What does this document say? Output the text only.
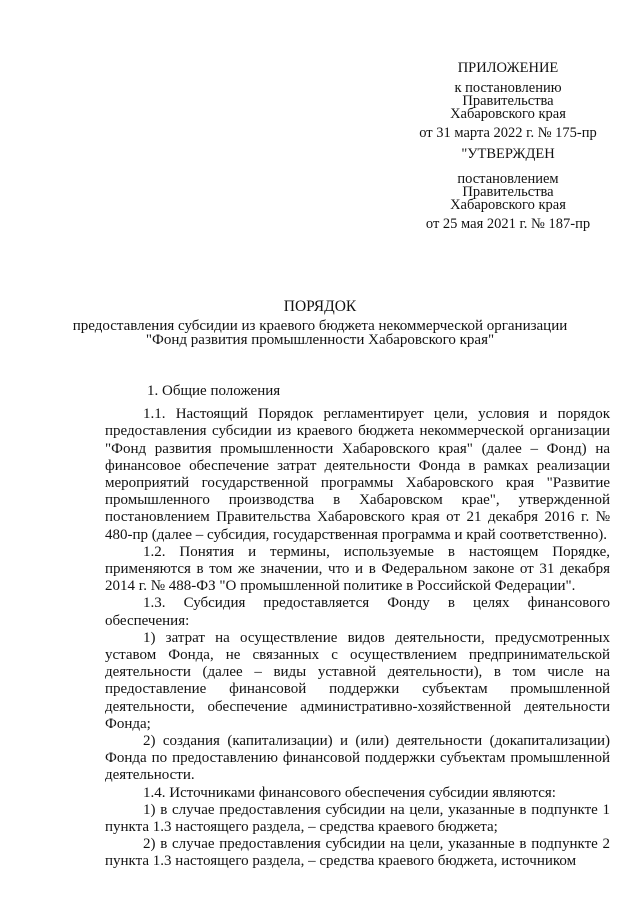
ПРИЛОЖЕНИЕ
к постановлению
Правительства
Хабаровского края
от 31 марта 2022 г. № 175-пр
"УТВЕРЖДЕН
постановлением
Правительства
Хабаровского края
от 25 мая 2021 г. № 187-пр
ПОРЯДОК
предоставления субсидии из краевого бюджета некоммерческой организации
"Фонд развития промышленности Хабаровского края"

1. Общие положения

1.1. Настоящий Порядок регламентирует цели, условия и порядок предоставления субсидии из краевого бюджета некоммерческой организации "Фонд развития промышленности Хабаровского края" (далее – Фонд) на финансовое обеспечение затрат деятельности Фонда в рамках реализации мероприятий государственной программы Хабаровского края "Развитие промышленного производства в Хабаровском крае", утвержденной постановлением Правительства Хабаровского края от 21 декабря 2016 г. № 480-пр (далее – субсидия, государственная программа и край соответственно).

1.2. Понятия и термины, используемые в настоящем Порядке, применяются в том же значении, что и в Федеральном законе от 31 декабря 2014 г. № 488-ФЗ "О промышленной политике в Российской Федерации".

1.3. Субсидия предоставляется Фонду в целях финансового обеспечения:

1) затрат на осуществление видов деятельности, предусмотренных уставом Фонда, не связанных с осуществлением предпринимательской деятельности (далее – виды уставной деятельности), в том числе на предоставление финансовой поддержки субъектам промышленной деятельности, обеспечение административно-хозяйственной деятельности Фонда;

2) создания (капитализации) и (или) деятельности (докапитализации) Фонда по предоставлению финансовой поддержки субъектам промышленной деятельности.

1.4. Источниками финансового обеспечения субсидии являются:

1) в случае предоставления субсидии на цели, указанные в подпункте 1 пункта 1.3 настоящего раздела, – средства краевого бюджета;

2) в случае предоставления субсидии на цели, указанные в подпункте 2 пункта 1.3 настоящего раздела, – средства краевого бюджета, источником
